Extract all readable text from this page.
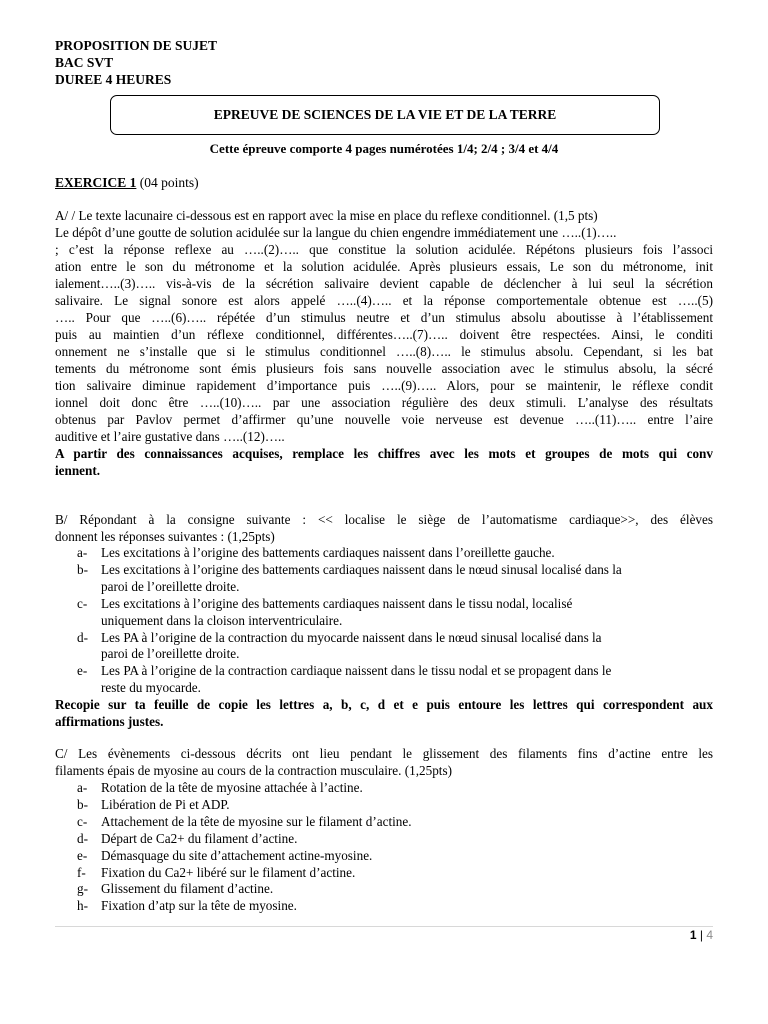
PROPOSITION DE SUJET
BAC SVT
DUREE 4 HEURES
EPREUVE DE SCIENCES DE LA VIE ET DE LA TERRE
Cette épreuve comporte 4 pages numérotées 1/4; 2/4 ; 3/4 et 4/4
EXERCICE 1 (04 points)
A/ / Le texte lacunaire ci-dessous est en rapport avec la mise en place du reflexe conditionnel. (1,5 pts)
Le dépôt d’une goutte de solution acidulée sur la langue du chien engendre immédiatement une …..(1)…..
; c’est la réponse reflexe au …..(2)….. que constitue la solution acidulée. Répétons plusieurs fois l’associ
ation entre le son du métronome et la solution acidulée. Après plusieurs essais, Le son du métronome, init
ialement…..(3)….. vis-à-vis de la sécrétion salivaire devient capable de déclencher à lui seul la sécrétion
salivaire. Le signal sonore est alors appelé …..(4)….. et la réponse comportementale obtenue est …..(5)
….. Pour que …..(6)….. répétée d’un stimulus neutre et d’un stimulus absolu aboutisse à l’établissement
puis au maintien d’un réflexe conditionnel, différentes…..(7)….. doivent être respectées. Ainsi, le conditi
onnement ne s’installe que si le stimulus conditionnel …..(8)….. le stimulus absolu. Cependant, si les bat
tements du métronome sont émis plusieurs fois sans nouvelle association avec le stimulus absolu, la sécré
tion salivaire diminue rapidement d’importance puis …..(9)….. Alors, pour se maintenir, le réflexe condit
ionnel doit donc être …..(10)….. par une association régulière des deux stimuli. L’analyse des résultats
obtenus par Pavlov permet d’affirmer qu’une nouvelle voie nerveuse est devenue …..(11)….. entre l’aire
auditive et l’aire gustative dans …..(12)…..
A partir des connaissances acquises, remplace les chiffres avec les mots et groupes de mots qui conv
iennent.
B/ Répondant à la consigne suivante : << localise le siège de l’automatisme cardiaque>>, des élèves
donnent les réponses suivantes : (1,25pts)
a- Les excitations à l’origine des battements cardiaques naissent dans l’oreillette gauche.
b- Les excitations à l’origine des battements cardiaques naissent dans le nœud sinusal localisé dans la
paroi de l’oreillette droite.
c- Les excitations à l’origine des battements cardiaques naissent dans le tissu nodal, localisé
uniquement dans la cloison interventriculaire.
d- Les PA à l’origine de la contraction du myocarde naissent dans le nœud sinusal localisé dans la
paroi de l’oreillette droite.
e- Les PA à l’origine de la contraction cardiaque naissent dans le tissu nodal et se propagent dans le
reste du myocarde.
Recopie sur ta feuille de copie les lettres a, b, c, d et e puis entoure les lettres qui correspondent aux
affirmations justes.
C/ Les évènements ci-dessous décrits ont lieu pendant le glissement des filaments fins d’actine entre les
filaments épais de myosine au cours de la contraction musculaire. (1,25pts)
a- Rotation de la tête de myosine attachée à l’actine.
b- Libération de Pi et ADP.
c- Attachement de la tête de myosine sur le filament d’actine.
d- Départ de Ca2+ du filament d’actine.
e- Démasquage du site d’attachement actine-myosine.
f- Fixation du Ca2+ libéré sur le filament d’actine.
g- Glissement du filament d’actine.
h- Fixation d’atp sur la tête de myosine.
1 | 4
